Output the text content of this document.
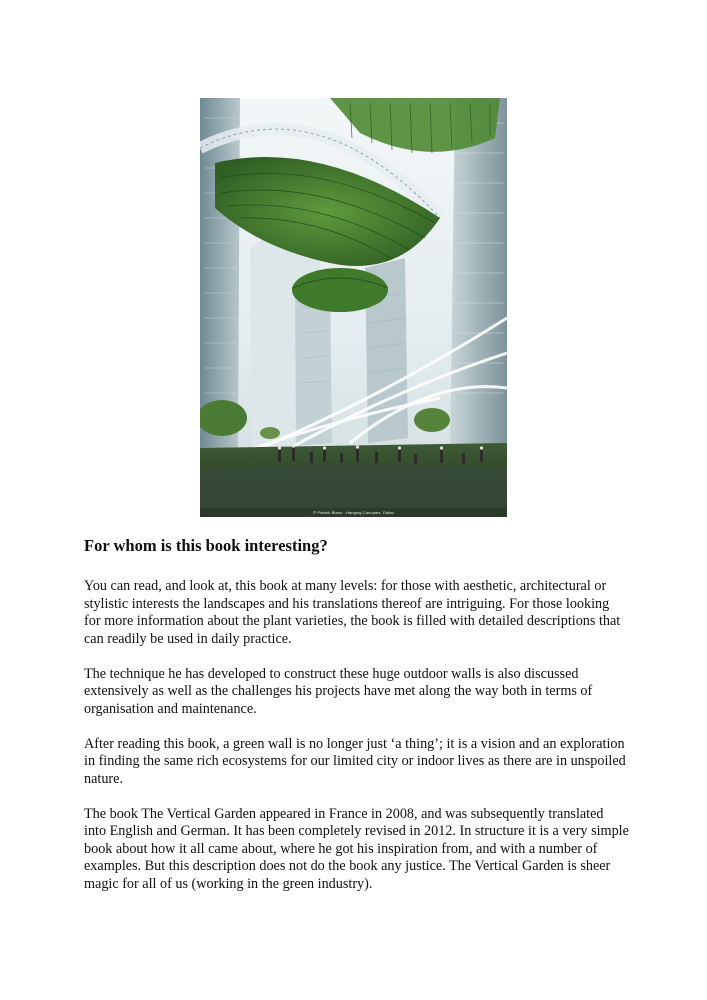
© Patrick Blanc - Hanging Canopies, Dubai
For whom is this book interesting?

You can read, and look at, this book at many levels: for those with aesthetic, architectural or stylistic interests the landscapes and his translations thereof are intriguing. For those looking for more information about the plant varieties, the book is filled with detailed descriptions that can readily be used in daily practice.

The technique he has developed to construct these huge outdoor walls is also discussed extensively as well as the challenges his projects have met along the way both in terms of organisation and maintenance.

After reading this book, a green wall is no longer just ‘a thing’; it is a vision and an exploration in finding the same rich ecosystems for our limited city or indoor lives as there are in unspoiled nature.

The book The Vertical Garden appeared in France in 2008, and was subsequently translated into English and German. It has been completely revised in 2012. In structure it is a very simple book about how it all came about, where he got his inspiration from, and with a number of examples. But this description does not do the book any justice. The Vertical Garden is sheer magic for all of us (working in the green industry).
